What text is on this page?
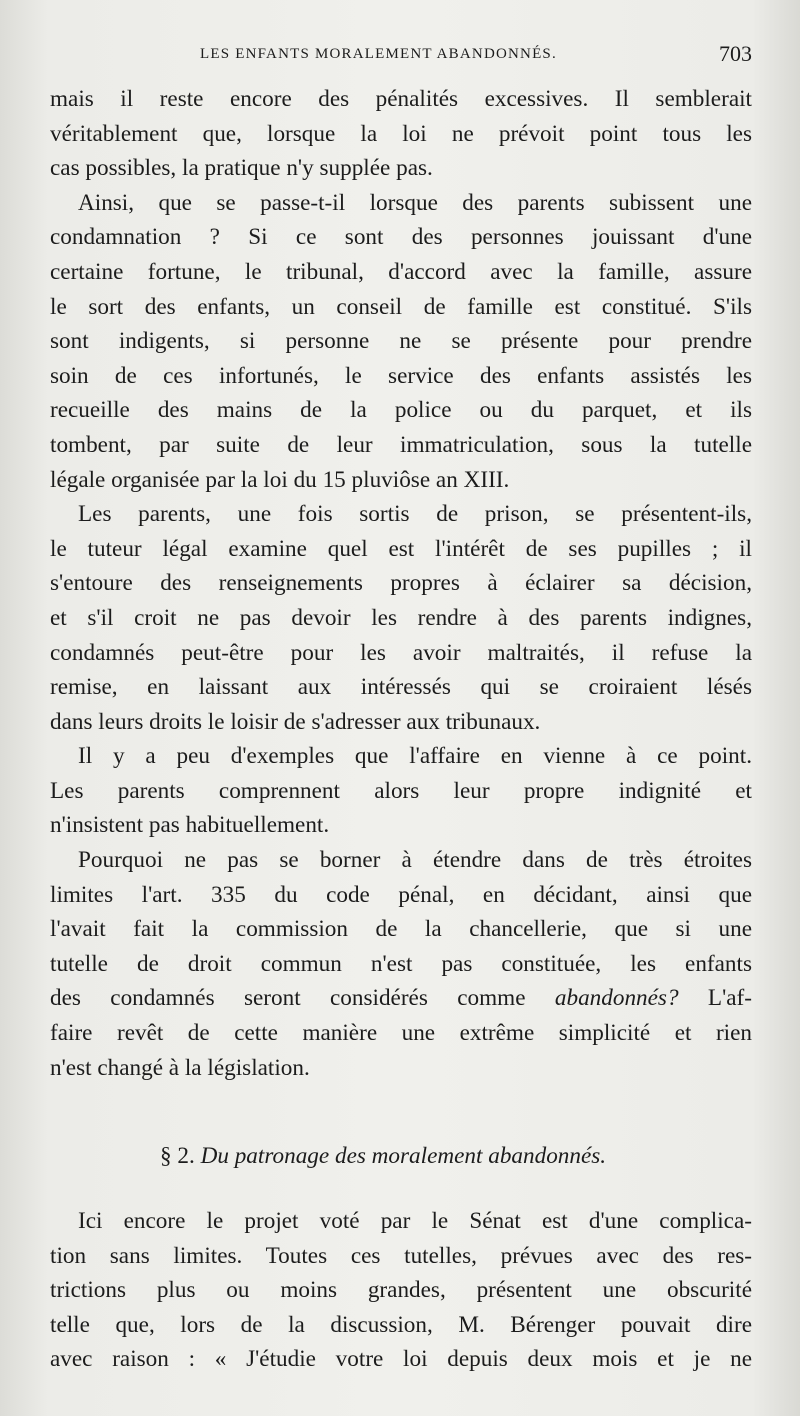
LES ENFANTS MORALEMENT ABANDONNÉS.	703
mais il reste encore des pénalités excessives. Il semblerait
véritablement que, lorsque la loi ne prévoit point tous les
cas possibles, la pratique n'y supplée pas.
Ainsi, que se passe-t-il lorsque des parents subissent une
condamnation ? Si ce sont des personnes jouissant d'une
certaine fortune, le tribunal, d'accord avec la famille, assure
le sort des enfants, un conseil de famille est constitué. S'ils
sont indigents, si personne ne se présente pour prendre
soin de ces infortunés, le service des enfants assistés les
recueille des mains de la police ou du parquet, et ils
tombent, par suite de leur immatriculation, sous la tutelle
légale organisée par la loi du 15 pluviôse an XIII.
Les parents, une fois sortis de prison, se présentent-ils,
le tuteur légal examine quel est l'intérêt de ses pupilles ; il
s'entoure des renseignements propres à éclairer sa décision,
et s'il croit ne pas devoir les rendre à des parents indignes,
condamnés peut-être pour les avoir maltraités, il refuse la
remise, en laissant aux intéressés qui se croiraient lésés
dans leurs droits le loisir de s'adresser aux tribunaux.
Il y a peu d'exemples que l'affaire en vienne à ce point.
Les parents comprennent alors leur propre indignité et
n'insistent pas habituellement.
Pourquoi ne pas se borner à étendre dans de très étroites
limites l'art. 335 du code pénal, en décidant, ainsi que
l'avait fait la commission de la chancellerie, que si une
tutelle de droit commun n'est pas constituée, les enfants
des condamnés seront considérés comme abandonnés? L'af-
faire revêt de cette manière une extrême simplicité et rien
n'est changé à la législation.
§ 2. Du patronage des moralement abandonnés.
Ici encore le projet voté par le Sénat est d'une complica-
tion sans limites. Toutes ces tutelles, prévues avec des res-
trictions plus ou moins grandes, présentent une obscurité
telle que, lors de la discussion, M. Bérenger pouvait dire
avec raison : « J'étudie votre loi depuis deux mois et je ne
